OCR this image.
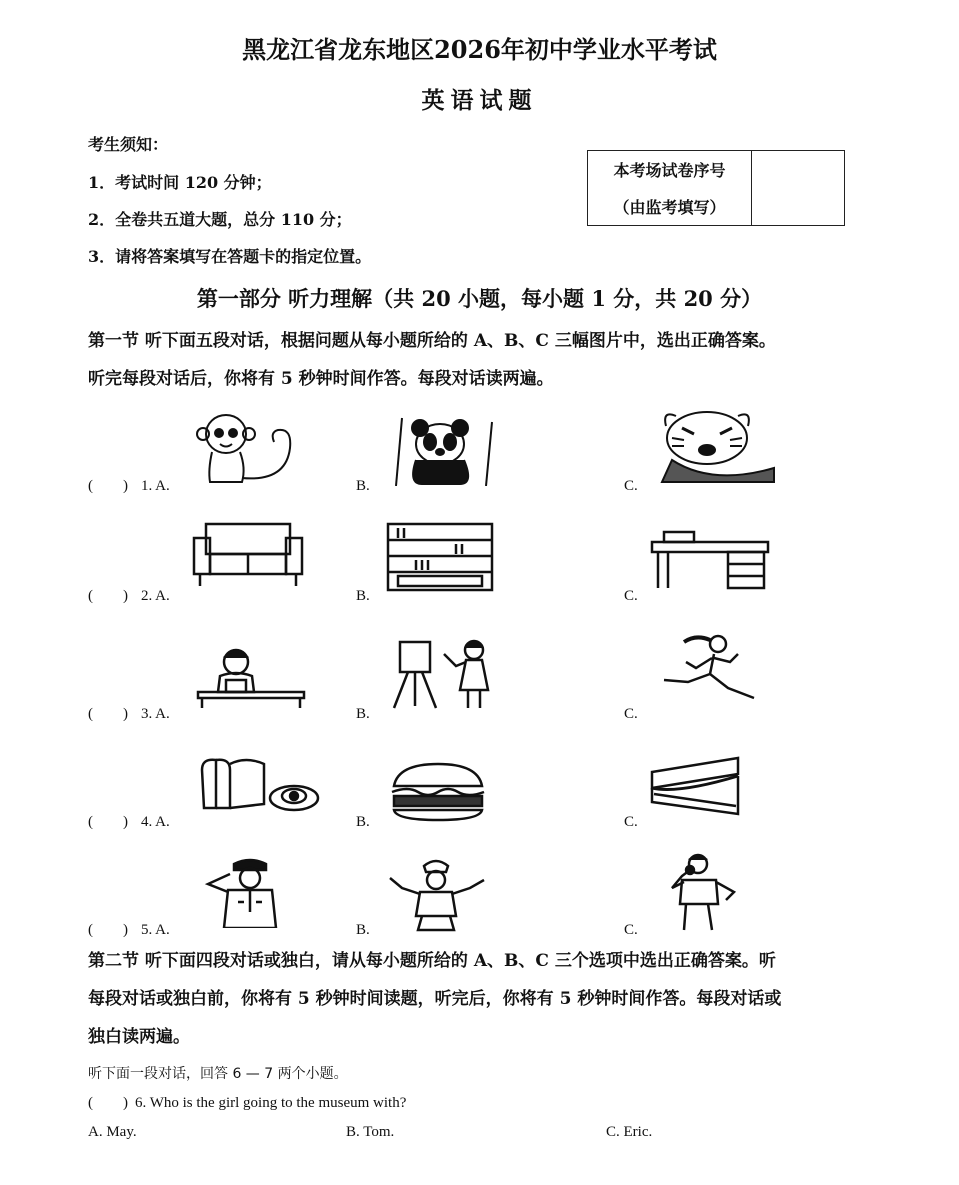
黑龙江省龙东地区2026年初中学业水平考试
英语试题
考生须知：
1．考试时间 120 分钟；
2．全卷共五道大题，总分 110 分；
3．请将答案填写在答题卡的指定位置。
本考场试卷序号
（由监考填写）
第一部分 听力理解（共 20 小题，每小题 1 分，共 20 分）
第一节 听下面五段对话，根据问题从每小题所给的 A、B、C 三幅图片中，选出正确答案。
听完每段对话后，你将有 5 秒钟时间作答。每段对话读两遍。
(        ) 1. A.	B.	C.
(        ) 2. A.	B.	C.
(        ) 3. A.	B.	C.
(        ) 4. A.	B.	C.
(        ) 5. A.	B.	C.
第二节 听下面四段对话或独白，请从每小题所给的 A、B、C 三个选项中选出正确答案。听
每段对话或独白前，你将有 5 秒钟时间读题，听完后，你将有 5 秒钟时间作答。每段对话或
独白读两遍。
听下面一段对话，回答 6 — 7 两个小题。
(        ) 6. Who is the girl going to the museum with?
A. May.	B. Tom.	C. Eric.
